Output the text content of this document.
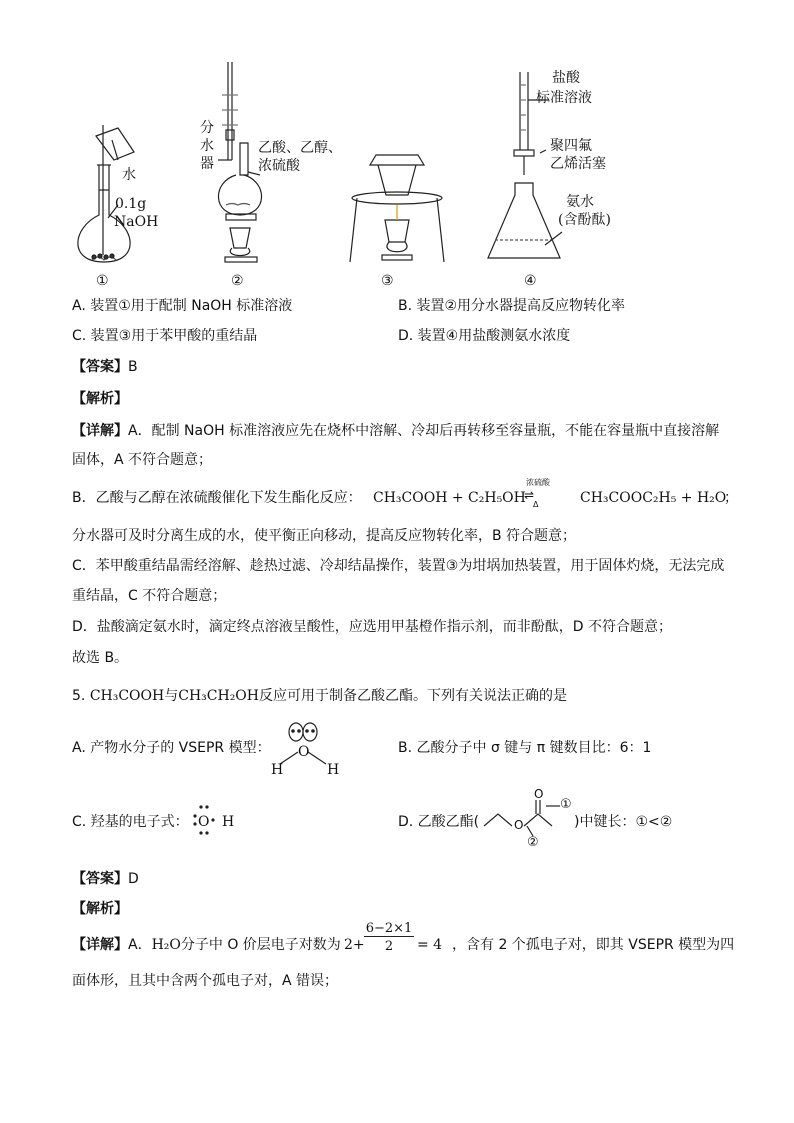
水
0.1g
NaOH
①
分
水
器
乙酸、乙醇、
浓硫酸
②	③
盐酸
标准溶液
聚四氟
乙烯活塞
氨水
(含酚酞)
④
A. 装置①用于配制 NaOH 标准溶液	B. 装置②用分水器提高反应物转化率
C. 装置③用于苯甲酸的重结晶	D. 装置④用盐酸测氨水浓度
【答案】B
【解析】
【详解】A．配制 NaOH 标准溶液应先在烧杯中溶解、冷却后再转移至容量瓶，不能在容量瓶中直接溶解
固体，A 不符合题意；
B．乙酸与乙醇在浓硫酸催化下发生酯化反应： CH₃COOH + C₂H₅OH
浓硫酸
⇌
Δ	CH₃COOC₂H₅ + H₂O
；
分水器可及时分离生成的水，使平衡正向移动，提高反应物转化率，B 符合题意；
C．苯甲酸重结晶需经溶解、趁热过滤、冷却结晶操作，装置③为坩埚加热装置，用于固体灼烧，无法完成
重结晶，C 不符合题意；
D．盐酸滴定氨水时，滴定终点溶液呈酸性，应选用甲基橙作指示剂，而非酚酞，D 不符合题意；
故选 B。
5. CH₃COOH与CH₃CH₂OH反应可用于制备乙酸乙酯。下列有关说法正确的是
A. 产物水分子的 VSEPR 模型： O
H	H
B. 乙酸分子中 σ 键与 π 键数目比：6：1
C. 羟基的电子式： O H	D. 乙酸乙酯(	O
O
①
②
)中键长：①<②
【答案】D
【解析】
【详解】A．H₂O分子中 O 价层电子对数为 2+
6−2×1
2	= 4 ，含有 2 个孤电子对，即其 VSEPR 模型为四
面体形，且其中含两个孤电子对，A 错误；
